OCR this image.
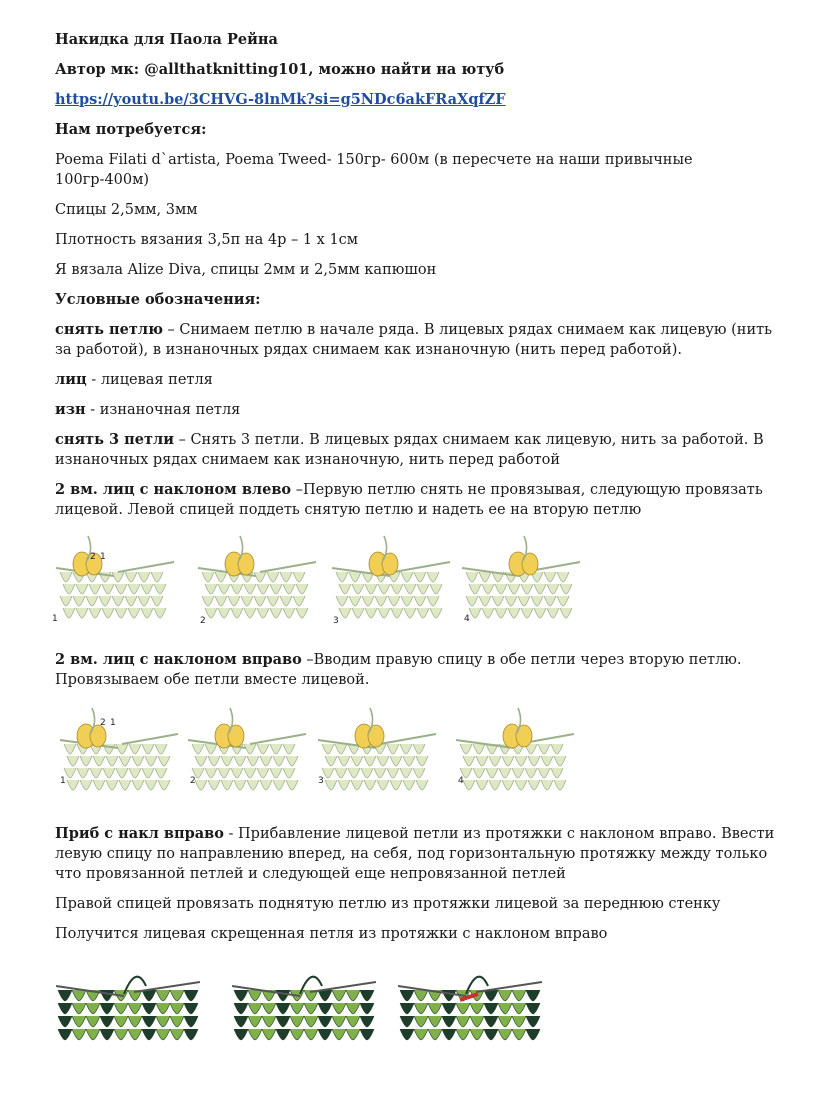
Накидка для Паола Рейна

Автор мк: @allthatknitting101, можно найти на ютуб

https://youtu.be/3CHVG-8lnMk?si=g5NDc6akFRaXqfZF

Нам потребуется:

Poema Filati d`artista, Poema Tweed- 150гр- 600м (в пересчете на наши привычные 100гр-400м)

Спицы 2,5мм, 3мм

Плотность вязания 3,5п на 4р – 1 х 1см

Я вязала Alize Diva, спицы 2мм и 2,5мм капюшон

Условные обозначения:

снять петлю – Снимаем петлю в начале ряда. В лицевых рядах снимаем как лицевую (нить за работой), в изнаночных рядах снимаем как изнаночную (нить перед работой).

лиц - лицевая петля

изн - изнаночная петля

снять 3 петли – Снять 3 петли. В лицевых рядах снимаем как лицевую, нить за работой. В изнаночных рядах снимаем как изнаночную, нить перед работой

2 вм. лиц с наклоном влево –Первую петлю снять не провязывая, следующую провязать лицевой. Левой спицей поддеть снятую петлю и надеть ее на вторую петлю

1	2	3	4
2 1

2 вм. лиц с наклоном вправо –Вводим правую спицу в обе петли через вторую петлю. Провязываем обе петли вместе лицевой.

1	2	3	4
2 1

Приб с накл вправо - Прибавление лицевой петли из протяжки с наклоном вправо. Ввести левую спицу по направлению вперед, на себя, под горизонтальную протяжку между только что провязанной петлей и следующей еще непровязанной петлей

Правой спицей провязать поднятую петлю из протяжки лицевой за переднюю стенку

Получится лицевая скрещенная петля из протяжки с наклоном вправо
